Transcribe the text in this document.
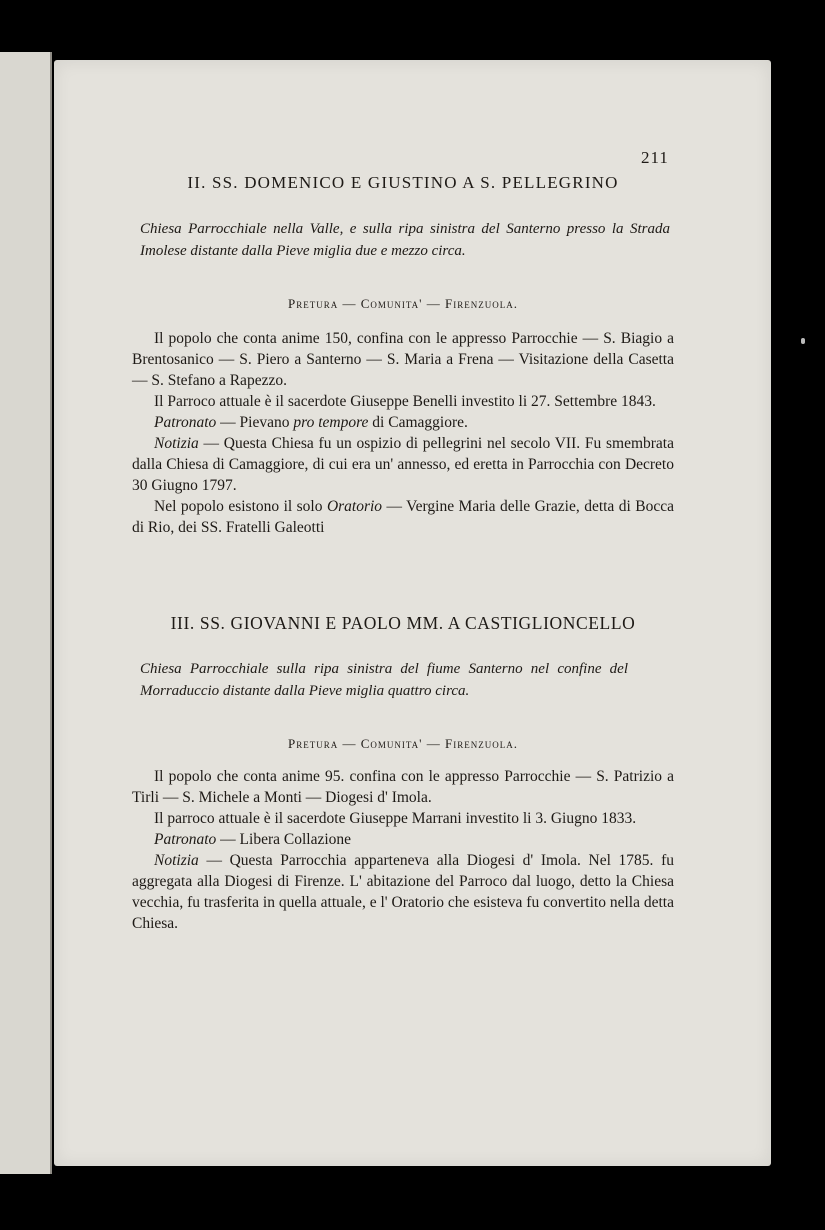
211
II. SS. DOMENICO E GIUSTINO A S. PELLEGRINO

Chiesa Parrocchiale nella Valle, e sulla ripa sinistra del Santerno presso la Strada Imolese distante dalla Pieve miglia due e mezzo circa.

Pretura — Comunita' — Firenzuola.

Il popolo che conta anime 150, confina con le appresso Parrocchie — S. Biagio a Brentosanico — S. Piero a Santerno — S. Maria a Frena — Visitazione della Casetta — S. Stefano a Rapezzo.

Il Parroco attuale è il sacerdote Giuseppe Benelli investito li 27. Settembre 1843.

Patronato — Pievano pro tempore di Camaggiore.

Notizia — Questa Chiesa fu un ospizio di pellegrini nel secolo VII. Fu smembrata dalla Chiesa di Camaggiore, di cui era un' annesso, ed eretta in Parrocchia con Decreto 30 Giugno 1797.

Nel popolo esistono il solo Oratorio — Vergine Maria delle Grazie, detta di Bocca di Rio, dei SS. Fratelli Galeotti

III. SS. GIOVANNI E PAOLO MM. A CASTIGLIONCELLO

Chiesa Parrocchiale sulla ripa sinistra del fiume Santerno nel confine del Morraduccio distante dalla Pieve miglia quattro circa.

Pretura — Comunita' — Firenzuola.

Il popolo che conta anime 95. confina con le appresso Parrocchie — S. Patrizio a Tirli — S. Michele a Monti — Diogesi d' Imola.

Il parroco attuale è il sacerdote Giuseppe Marrani investito li 3. Giugno 1833.

Patronato — Libera Collazione

Notizia — Questa Parrocchia apparteneva alla Diogesi d' Imola. Nel 1785. fu aggregata alla Diogesi di Firenze. L' abitazione del Parroco dal luogo, detto la Chiesa vecchia, fu trasferita in quella attuale, e l' Oratorio che esisteva fu convertito nella detta Chiesa.
